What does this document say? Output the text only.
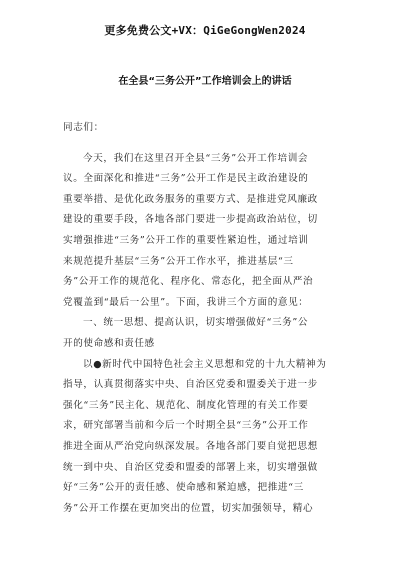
更多免费公文+VX：QiGeGongWen2024
在全县“三务公开”工作培训会上的讲话
同志们：
今天，我们在这里召开全县“三务”公开工作培训会
议。全面深化和推进“三务”公开工作是民主政治建设的
重要举措、是优化政务服务的重要方式、是推进党风廉政
建设的重要手段，各地各部门要进一步提高政治站位，切
实增强推进“三务”公开工作的重要性紧迫性，通过培训
来规范提升基层“三务”公开工作水平，推进基层“三
务”公开工作的规范化、程序化、常态化，把全面从严治
党覆盖到“最后一公里”。下面，我讲三个方面的意见：
一、统一思想、提高认识，切实增强做好“三务”公
开的使命感和责任感
以●新时代中国特色社会主义思想和党的十九大精神为
指导，认真贯彻落实中央、自治区党委和盟委关于进一步
强化“三务”民主化、规范化、制度化管理的有关工作要
求，研究部署当前和今后一个时期全县“三务”公开工作
推进全面从严治党向纵深发展。各地各部门要自觉把思想
统一到中央、自治区党委和盟委的部署上来，切实增强做
好“三务”公开的责任感、使命感和紧迫感，把推进“三
务”公开工作摆在更加突出的位置，切实加强领导，精心
